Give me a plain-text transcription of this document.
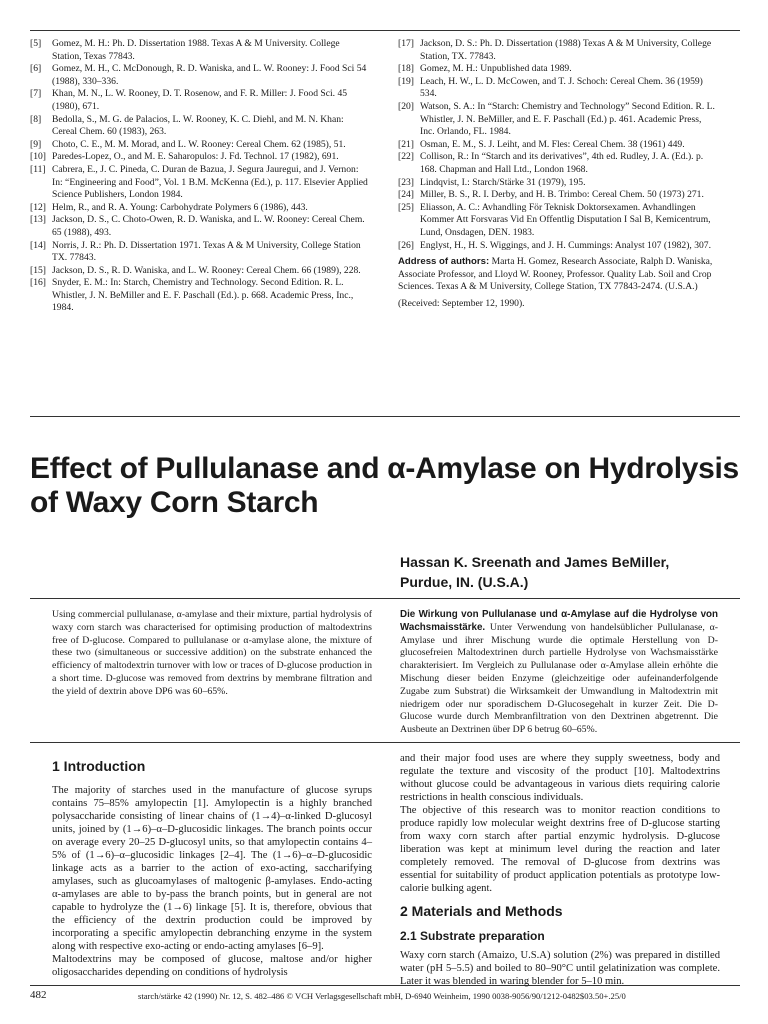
[5]	Gomez, M. H.: Ph. D. Dissertation 1988. Texas A & M University. College Station, Texas 77843.
[6]	Gomez, M. H., C. McDonough, R. D. Waniska, and L. W. Rooney: J. Food Sci 54 (1988), 330–336.
[7]	Khan, M. N., L. W. Rooney, D. T. Rosenow, and F. R. Miller: J. Food Sci. 45 (1980), 671.
[8]	Bedolla, S., M. G. de Palacios, L. W. Rooney, K. C. Diehl, and M. N. Khan: Cereal Chem. 60 (1983), 263.
[9]	Choto, C. E., M. M. Morad, and L. W. Rooney: Cereal Chem. 62 (1985), 51.
[10] Paredes-Lopez, O., and M. E. Saharopulos: J. Fd. Technol. 17 (1982), 691.
[11] Cabrera, E., J. C. Pineda, C. Duran de Bazua, J. Segura Jauregui, and J. Vernon: In: “Engineering and Food”, Vol. 1 B.M. McKenna (Ed.), p. 117. Elsevier Applied Science Publishers, London 1984.
[12] Helm, R., and R. A. Young: Carbohydrate Polymers 6 (1986), 443.
[13] Jackson, D. S., C. Choto-Owen, R. D. Waniska, and L. W. Rooney: Cereal Chem. 65 (1988), 493.
[14] Norris, J. R.: Ph. D. Dissertation 1971. Texas A & M University, College Station TX. 77843.
[15] Jackson, D. S., R. D. Waniska, and L. W. Rooney: Cereal Chem. 66 (1989), 228.
[16] Snyder, E. M.: In: Starch, Chemistry and Technology. Second Edition. R. L. Whistler, J. N. BeMiller and E. F. Paschall (Ed.). p. 668. Academic Press, Inc., 1984.
[17] Jackson, D. S.: Ph. D. Dissertation (1988) Texas A & M University, College Station, TX. 77843.
[18] Gomez, M. H.: Unpublished data 1989.
[19] Leach, H. W., L. D. McCowen, and T. J. Schoch: Cereal Chem. 36 (1959) 534.
[20] Watson, S. A.: In “Starch: Chemistry and Technology” Second Edition. R. L. Whistler, J. N. BeMiller, and E. F. Paschall (Ed.) p. 461. Academic Press, Inc. Orlando, FL. 1984.
[21] Osman, E. M., S. J. Leiht, and M. Fles: Cereal Chem. 38 (1961) 449.
[22] Collison, R.: In “Starch and its derivatives”, 4th ed. Rudley, J. A. (Ed.). p. 168. Chapman and Hall Ltd., London 1968.
[23] Lindqvist, I.: Starch/Stärke 31 (1979), 195.
[24] Miller, B. S., R. I. Derby, and H. B. Trimbo: Cereal Chem. 50 (1973) 271.
[25] Eliasson, A. C.: Avhandling För Teknisk Doktorsexamen. Avhandlingen Kommer Att Forsvaras Vid En Offentlig Disputation I Sal B, Kemicentrum, Lund, Onsdagen, DEN. 1983.
[26] Englyst, H., H. S. Wiggings, and J. H. Cummings: Analyst 107 (1982), 307.
Address of authors: Marta H. Gomez, Research Associate, Ralph D. Waniska, Associate Professor, and Lloyd W. Rooney, Professor. Quality Lab. Soil and Crop Sciences. Texas A & M University, College Station, TX 77843-2474. (U.S.A.)
(Received: September 12, 1990).
Effect of Pullulanase and α-Amylase on Hydrolysis of Waxy Corn Starch
Hassan K. Sreenath and James BeMiller,
Purdue, IN. (U.S.A.)
Using commercial pullulanase, α-amylase and their mixture, partial hydrolysis of waxy corn starch was characterised for optimising production of maltodextrins free of D-glucose. Compared to pullulanase or α-amylase alone, the mixture of these two (simultaneous or successive addition) on the substrate enhanced the efficiency of maltodextrin turnover with low or traces of D-glucose production in a short time. D-glucose was removed from dextrins by membrane filtration and the yield of dextrin above DP6 was 60–65%.
Die Wirkung von Pullulanase und α-Amylase auf die Hydrolyse von Wachsmaisstärke. Unter Verwendung von handelsüblicher Pullulanase, α-Amylase und ihrer Mischung wurde die optimale Herstellung von D-glucosefreien Maltodextrinen durch partielle Hydrolyse von Wachsmaisstärke charakterisiert. Im Vergleich zu Pullulanase oder α-Amylase allein erhöhte die Mischung dieser beiden Enzyme (gleichzeitige oder aufeinanderfolgende Zugabe zum Substrat) die Wirksamkeit der Umwandlung in Maltodextrin mit niedrigem oder nur sporadischem D-Glucosegehalt in kurzer Zeit. Die D-Glucose wurde durch Membranfiltration von den Dextrinen abgetrennt. Die Ausbeute an Dextrinen über DP 6 betrug 60–65%.
1 Introduction

The majority of starches used in the manufacture of glucose syrups contains 75–85% amylopectin [1]. Amylopectin is a highly branched polysaccharide consisting of linear chains of (1→4)–α-linked D-glucosyl units, joined by (1→6)–α–D-glucosidic linkages. The branch points occur on average every 20–25 D-glucosyl units, so that amylopectin contains 4–5% of (1→6)–α–glucosidic linkages [2–4]. The (1→6)–α–D-glucosidic linkage acts as a barrier to the action of exo-acting, saccharifying amylases, such as glucoamylases of maltogenic β-amylases. Endo-acting α-amylases are able to by-pass the branch points, but in general are not capable to hydrolyze the (1→6) linkage [5]. It is, therefore, obvious that the efficiency of the dextrin production could be improved by incorporating a specific amylopectin debranching enzyme in the system along with respective exo-acting or endo-acting amylases [6–9].

Maltodextrins may be composed of glucose, maltose and/or higher oligosaccharides depending on conditions of hydrolysis

and their major food uses are where they supply sweetness, body and regulate the texture and viscosity of the product [10]. Maltodextrins without glucose could be advantageous in various diets requiring calorie restrictions in health conscious individuals.

The objective of this research was to monitor reaction conditions to produce rapidly low molecular weight dextrins free of D-glucose starting from waxy corn starch after partial enzymic hydrolysis. D-glucose liberation was kept at minimum level during the reaction and later completely removed. The removal of D-glucose from dextrins was essential for suitability of product application potentials as prototype low-calorie bulking agent.

2 Materials and Methods
2.1 Substrate preparation

Waxy corn starch (Amaizo, U.S.A) solution (2%) was prepared in distilled water (pH 5–5.5) and boiled to 80–90°C until gelatinization was complete. Later it was blended in waring blender for 5–10 min.

482	starch/stärke 42 (1990) Nr. 12, S. 482–486 © VCH Verlagsgesellschaft mbH, D-6940 Weinheim, 1990 0038-9056/90/1212-0482$03.50+.25/0
